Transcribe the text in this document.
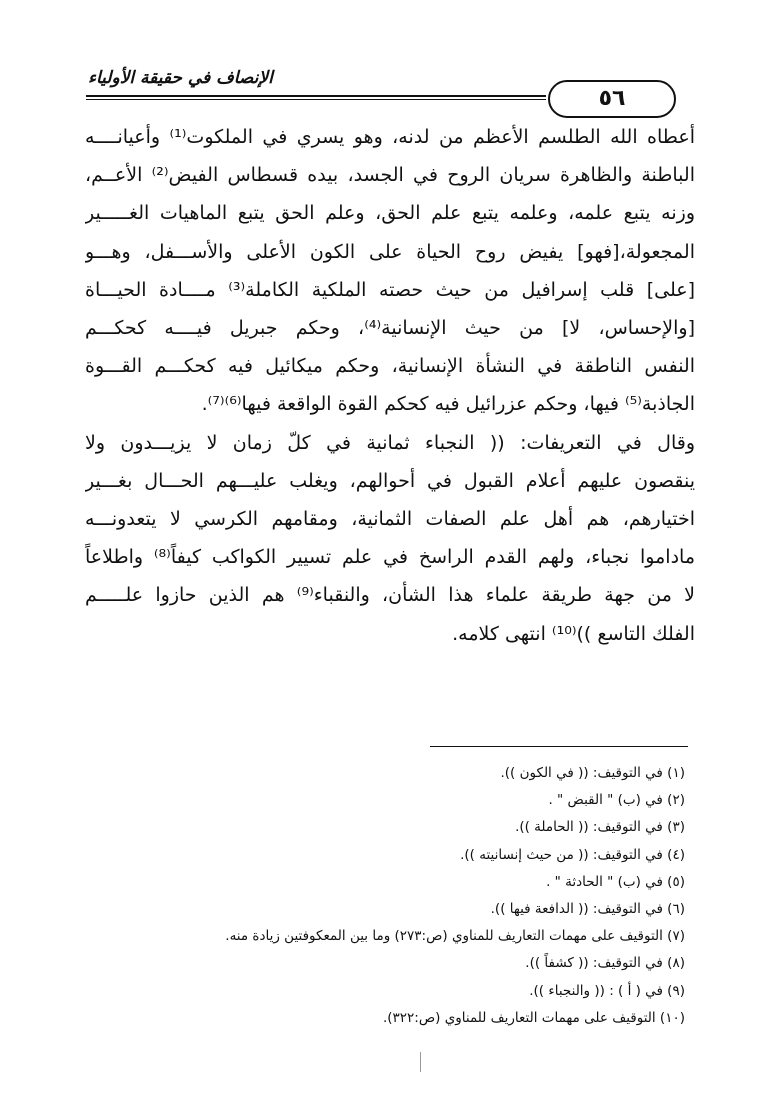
الإنصاف في حقيقة الأولياء
٥٦
أعطاه الله الطلسم الأعظم من لدنه، وهو يسري في الملكوت⁽¹⁾ وأعيانــــه
الباطنة والظاهرة سريان الروح في الجسد، بيده قسطاس الفيض⁽²⁾ الأعــم،
وزنه يتبع علمه، وعلمه يتبع علم الحق، وعلم الحق يتبع الماهيات الغـــــير
المجعولة،[فهو] يفيض روح الحياة على الكون الأعلى والأســـفل، وهـــو
[على] قلب إسرافيل من حيث حصته الملكية الكاملة⁽³⁾ مــــادة الحيـــاة
[والإحساس، لا] من حيث الإنسانية⁽⁴⁾، وحكم جبريل فيــــه كحكـــم
النفس الناطقة في النشأة الإنسانية، وحكم ميكائيل فيه كحكـــم القـــوة
الجاذبة⁽⁵⁾ فيها، وحكم عزرائيل فيه كحكم القوة الواقعة فيها⁽⁶⁾⁽⁷⁾.
وقال في التعريفات: (( النجباء ثمانية في كلّ زمان لا يزيـــدون ولا
ينقصون عليهم أعلام القبول في أحوالهم، ويغلب عليـــهم الحـــال بغـــير
اختيارهم، هم أهل علم الصفات الثمانية، ومقامهم الكرسي لا يتعدونـــه
ماداموا نجباء، ولهم القدم الراسخ في علم تسيير الكواكب كيفاً⁽⁸⁾ واطلاعاً
لا من جهة طريقة علماء هذا الشأن، والنقباء⁽⁹⁾ هم الذين حازوا علـــــم
الفلك التاسع ))⁽¹⁰⁾ انتهى كلامه.
(١) في التوقيف: (( في الكون )).
(٢) في (ب) " القبض " .
(٣) في التوقيف: (( الحاملة )).
(٤) في التوقيف: (( من حيث إنسانيته )).
(٥) في (ب) " الحادثة " .
(٦) في التوقيف: (( الدافعة فيها )).
(٧) التوقيف على مهمات التعاريف للمناوي (ص:٢٧٣) وما بين المعكوفتين زيادة منه.
(٨) في التوقيف: (( كشفاً )).
(٩) في ( أ ) : (( والنجباء )).
(١٠) التوقيف على مهمات التعاريف للمناوي (ص:٣٢٢).
